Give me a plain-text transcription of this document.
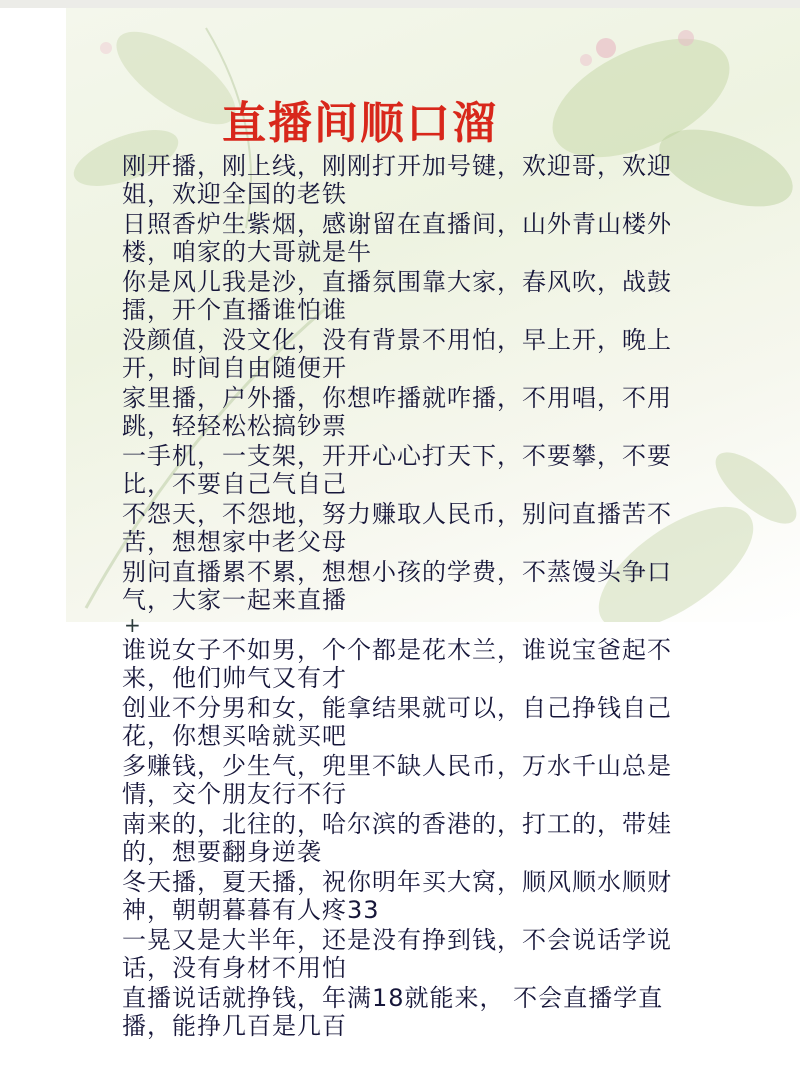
直播间顺口溜
刚开播，刚上线，刚刚打开加号键，欢迎哥，欢迎姐，欢迎全国的老铁
日照香炉生紫烟，感谢留在直播间，山外青山楼外楼，咱家的大哥就是牛
你是风儿我是沙，直播氛围靠大家，春风吹，战鼓擂，开个直播谁怕谁
没颜值，没文化，没有背景不用怕，早上开，晚上开，时间自由随便开
家里播，户外播，你想咋播就咋播，不用唱，不用跳，轻轻松松搞钞票
一手机，一支架，开开心心打天下，不要攀，不要比，不要自己气自己
不怨天，不怨地，努力赚取人民币，别问直播苦不苦，想想家中老父母
别问直播累不累，想想小孩的学费，不蒸馒头争口气，大家一起来直播
+
谁说女子不如男，个个都是花木兰，谁说宝爸起不来，他们帅气又有才
创业不分男和女，能拿结果就可以，自己挣钱自己花，你想买啥就买吧
多赚钱，少生气，兜里不缺人民币，万水千山总是情，交个朋友行不行
南来的，北往的，哈尔滨的香港的，打工的，带娃的，想要翻身逆袭
冬天播，夏天播，祝你明年买大窝，顺风顺水顺财神，朝朝暮暮有人疼33
一晃又是大半年，还是没有挣到钱，不会说话学说话，没有身材不用怕
直播说话就挣钱，年满18就能来， 不会直播学直播，能挣几百是几百
